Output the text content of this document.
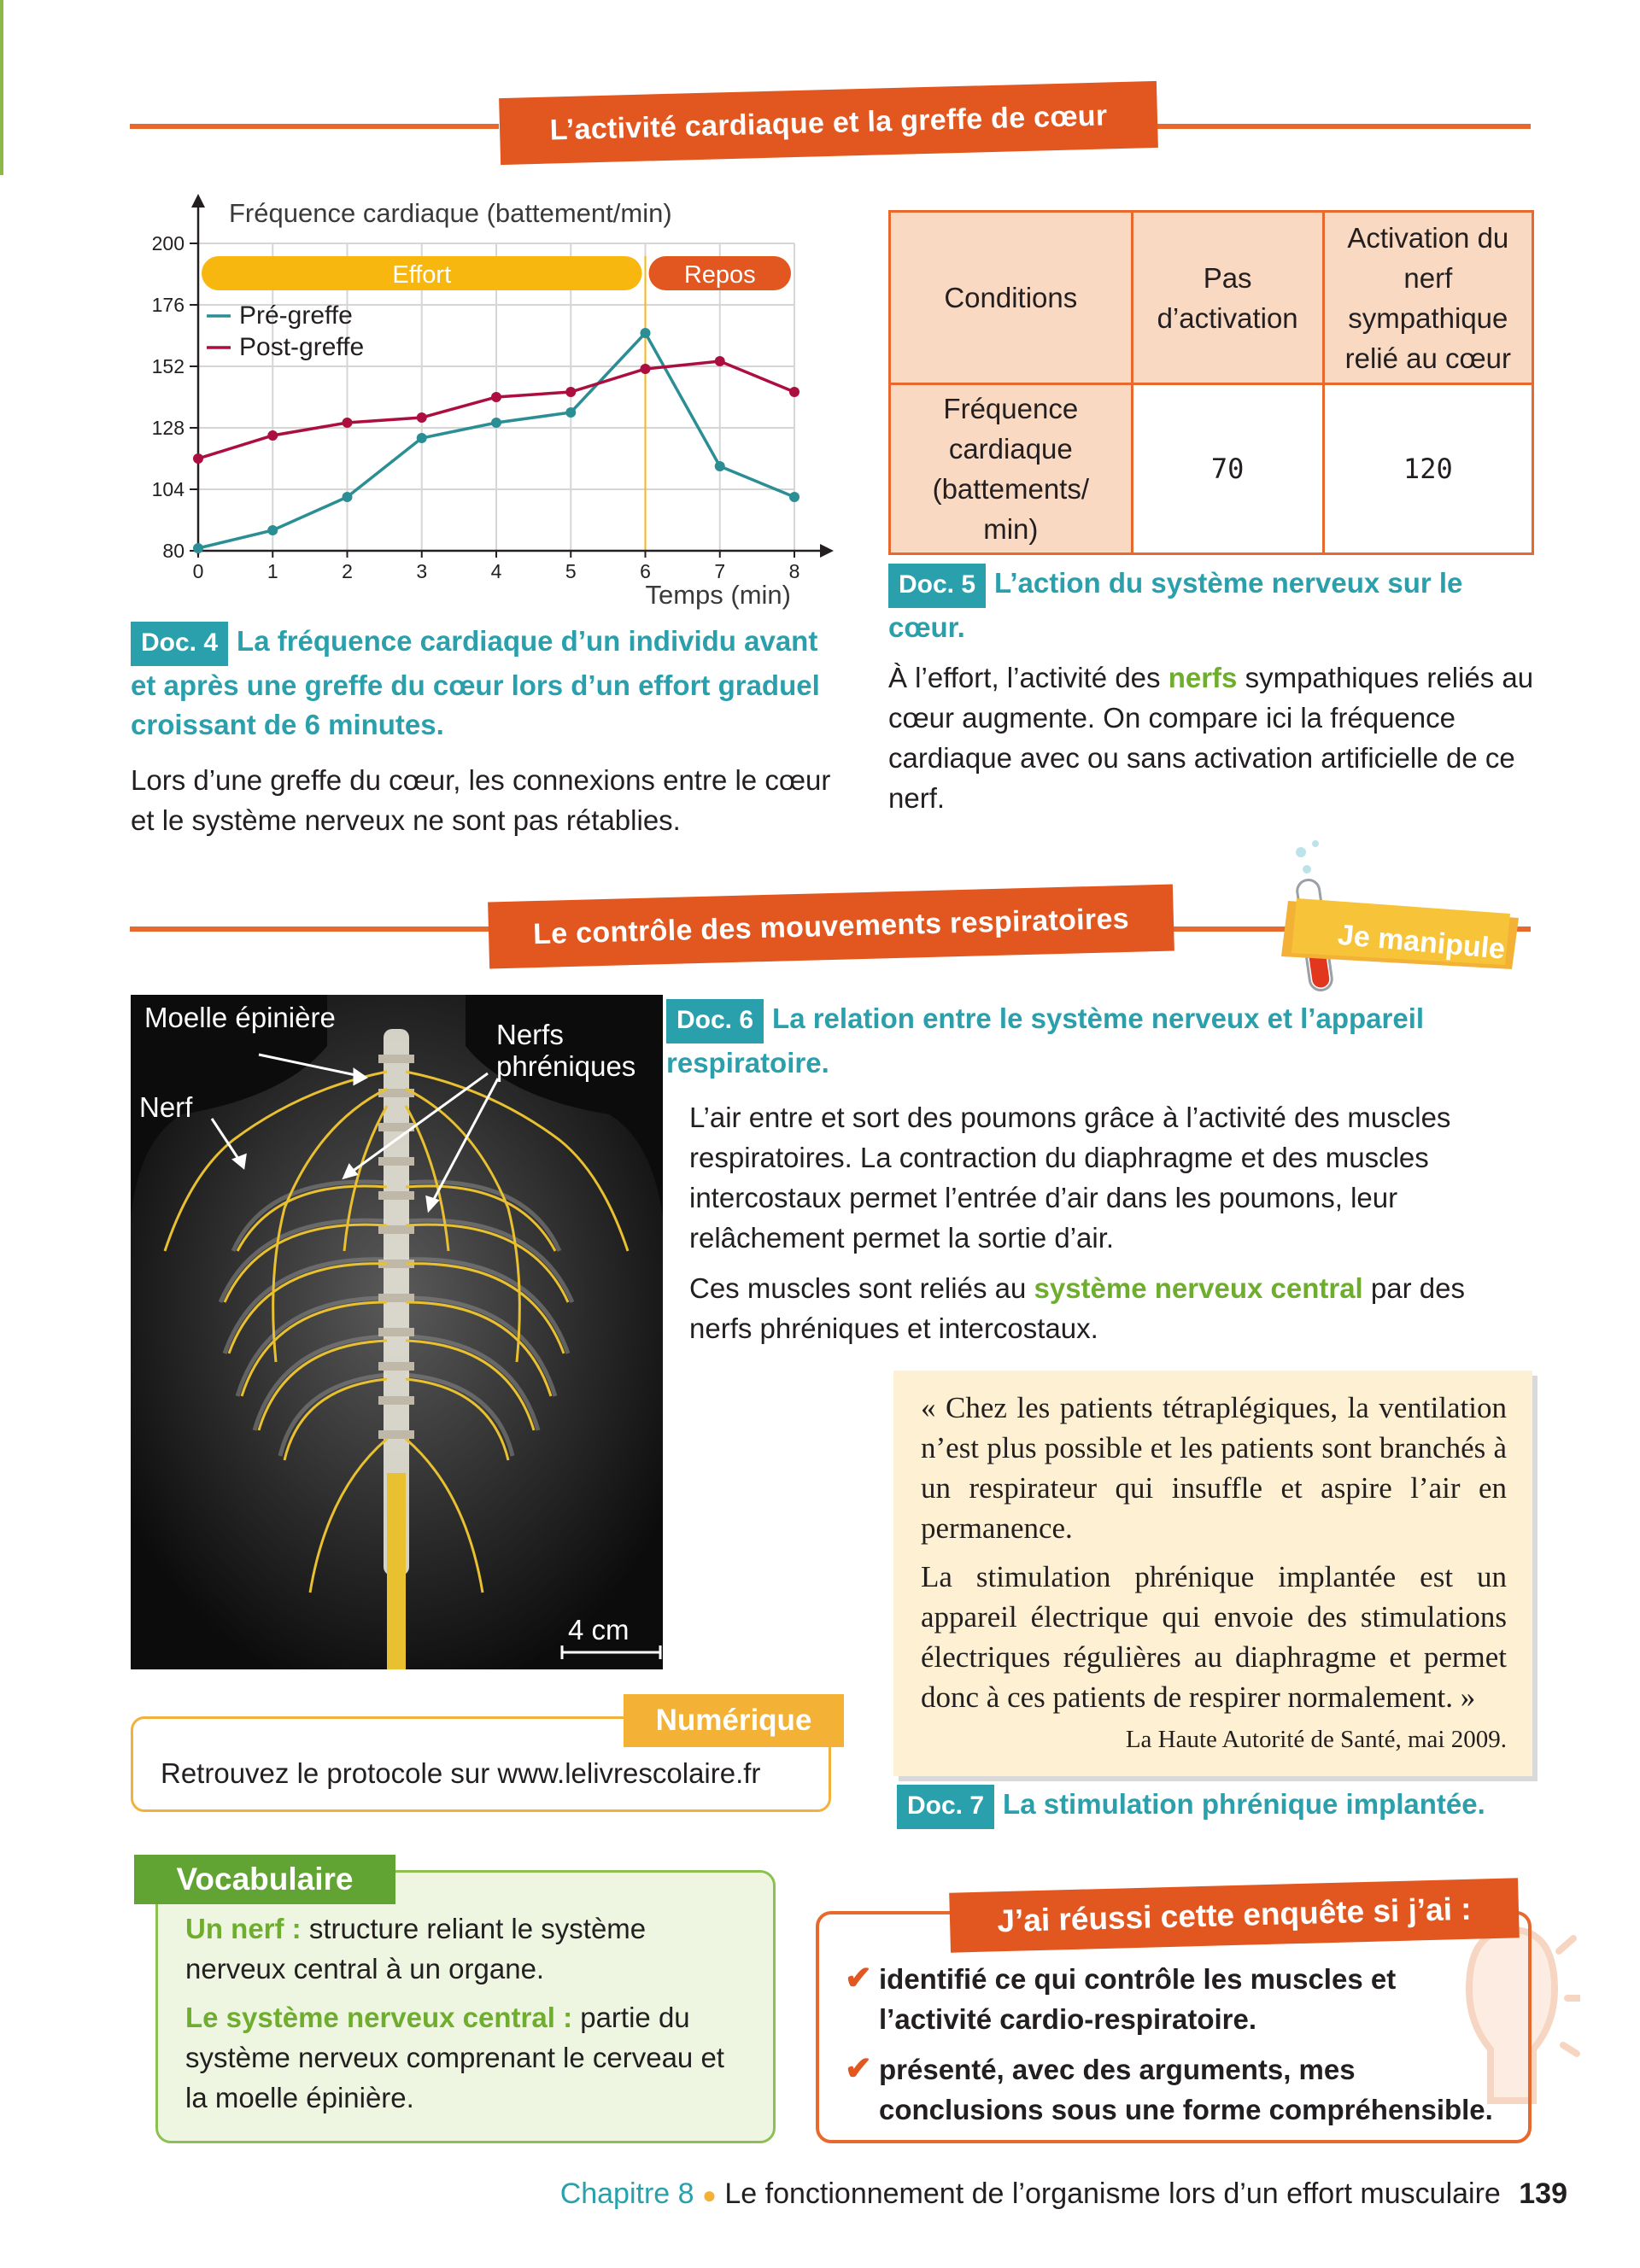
L’activité cardiaque et la greffe de cœur
Effort	Repos
80
104
128
152
176
200
0	1	2	3	4	5	6	7	8
Fréquence cardiaque (battement/min)
Temps (min)
Pré-greffe
Post-greffe
Doc. 4 La fréquence cardiaque d’un individu avant et après une greffe du cœur lors d’un effort graduel croissant de 6 minutes.
Lors d’une greffe du cœur, les connexions entre le cœur et le système nerveux ne sont pas rétablies.
Conditions	Pas d’activation	Activation du nerf sympathique relié au cœur
Fréquence cardiaque (battements/ min)	70	120
Doc. 5 L’action du système nerveux sur le cœur.
À l’effort, l’activité des nerfs sympathiques reliés au cœur augmente. On compare ici la fréquence cardiaque avec ou sans activation artificielle de ce nerf.
Le contrôle des mouvements respiratoires	Je manipule
Moelle épinière
Nerfs phréniques
Nerf
4 cm
Doc. 6 La relation entre le système nerveux et l’appareil respiratoire.
L’air entre et sort des poumons grâce à l’activité des muscles respiratoires. La contraction du diaphragme et des muscles intercostaux permet l’entrée d’air dans les poumons, leur relâchement permet la sortie d’air.
Ces muscles sont reliés au système nerveux central par des nerfs phréniques et intercostaux.

« Chez les patients tétraplégiques, la ventilation n’est plus possible et les patients sont branchés à un respirateur qui insuffle et aspire l’air en permanence.

La stimulation phrénique implantée est un appareil électrique qui envoie des stimulations électriques régulières au diaphragme et permet donc à ces patients de respirer normalement. »

La Haute Autorité de Santé, mai 2009.
Doc. 7 La stimulation phrénique implantée.
Retrouvez le protocole sur www.lelivrescolaire.fr
Numérique
Un nerf : structure reliant le système nerveux central à un organe.
Le système nerveux central : partie du système nerveux comprenant le cerveau et la moelle épinière.
Vocabulaire
✔ identifié ce qui contrôle les muscles et l’activité cardio-respiratoire.
✔ présenté, avec des arguments, mes conclusions sous une forme compréhensible.
J’ai réussi cette enquête si j’ai :
Chapitre 8 ● Le fonctionnement de l’organisme lors d’un effort musculaire 139
